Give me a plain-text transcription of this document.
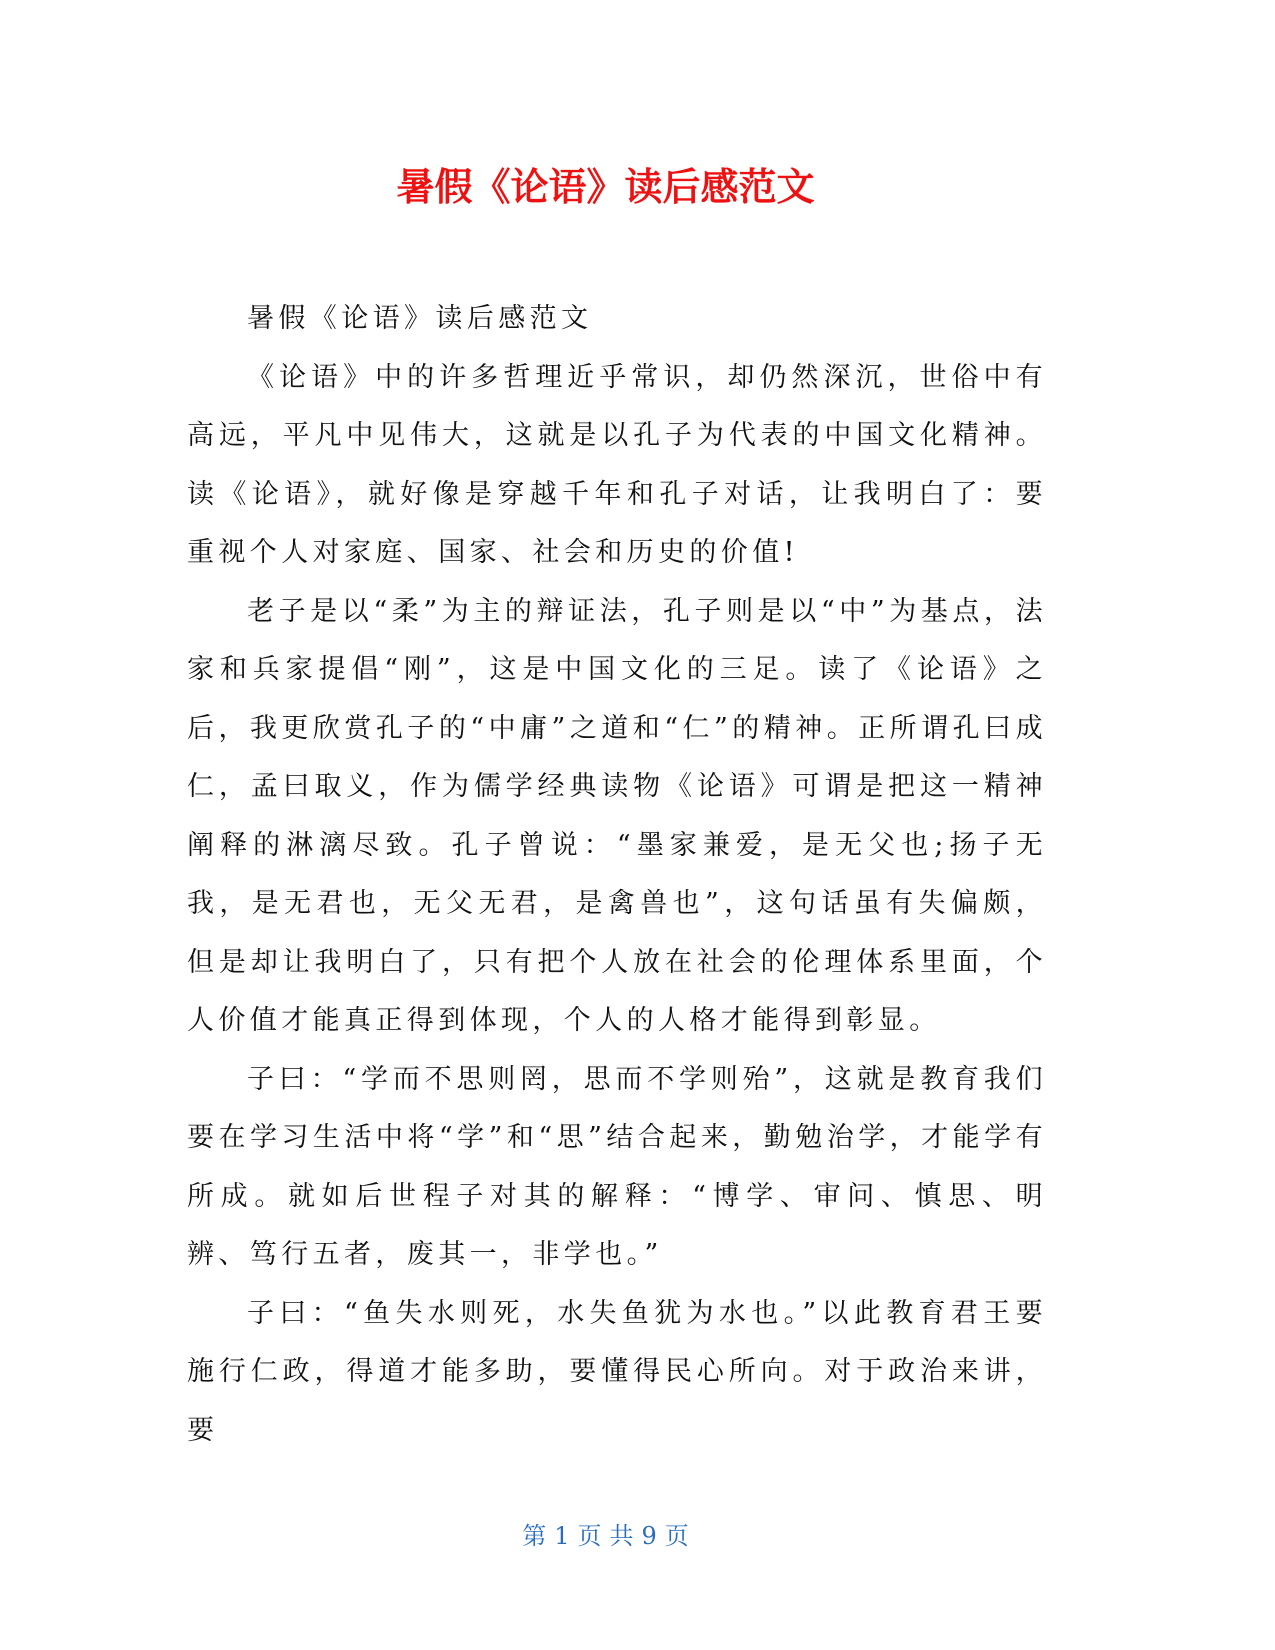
暑假《论语》读后感范文

暑假《论语》读后感范文

《论语》中的许多哲理近乎常识，却仍然深沉，世俗中有高远，平凡中见伟大，这就是以孔子为代表的中国文化精神。读《论语》，就好像是穿越千年和孔子对话，让我明白了：要重视个人对家庭、国家、社会和历史的价值!

老子是以“柔”为主的辩证法，孔子则是以“中”为基点，法家和兵家提倡“刚”，这是中国文化的三足。读了《论语》之后，我更欣赏孔子的“中庸”之道和“仁”的精神。正所谓孔曰成仁，孟曰取义，作为儒学经典读物《论语》可谓是把这一精神阐释的淋漓尽致。孔子曾说：“墨家兼爱，是无父也;扬子无我，是无君也，无父无君，是禽兽也”，这句话虽有失偏颇，但是却让我明白了，只有把个人放在社会的伦理体系里面，个人价值才能真正得到体现，个人的人格才能得到彰显。

子曰：“学而不思则罔，思而不学则殆”，这就是教育我们要在学习生活中将“学”和“思”结合起来，勤勉治学，才能学有所成。就如后世程子对其的解释：“博学、审问、慎思、明辨、笃行五者，废其一，非学也。”

子曰：“鱼失水则死，水失鱼犹为水也。”以此教育君王要施行仁政，得道才能多助，要懂得民心所向。对于政治来讲，要

第 1 页 共 9 页
